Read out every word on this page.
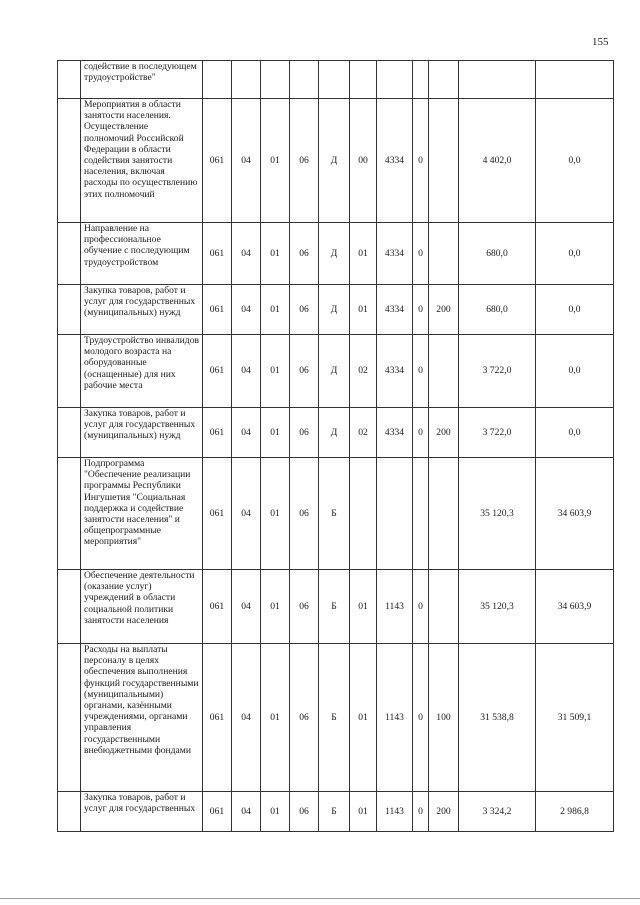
155
	содействие в последующем трудоустройстве"											
	Мероприятия в области занятости населения. Осуществление полномочий Российской Федерации в области содействия занятости населения, включая расходы по осуществлению этих полномочий	061	04	01	06	Д	00	4334	0		4 402,0	0,0
	Направление на профессиональное обучение с последующим трудоустройством	061	04	01	06	Д	01	4334	0		680,0	0,0
	Закупка товаров, работ и услуг для государственных (муниципальных) нужд	061	04	01	06	Д	01	4334	0	200	680,0	0,0
	Трудоустройство инвалидов молодого возраста на оборудованные (оснащенные) для них рабочие места	061	04	01	06	Д	02	4334	0		3 722,0	0,0
	Закупка товаров, работ и услуг для государственных (муниципальных) нужд	061	04	01	06	Д	02	4334	0	200	3 722,0	0,0
	Подпрограмма "Обеспечение реализации программы Республики Ингушетия "Социальная поддержка и содействие занятости населения" и общепрограммные мероприятия"	061	04	01	06	Б					35 120,3	34 603,9
	Обеспечение деятельности (оказание услуг) учреждений в области социальной политики занятости населения	061	04	01	06	Б	01	1143	0		35 120,3	34 603,9
	Расходы на выплаты персоналу в целях обеспечения выполнения функций государственными (муниципальными) органами, казёнными учреждениями, органами управления государственными внебюджетными фондами	061	04	01	06	Б	01	1143	0	100	31 538,8	31 509,1
	Закупка товаров, работ и услуг для государственных	061	04	01	06	Б	01	1143	0	200	3 324,2	2 986,8
